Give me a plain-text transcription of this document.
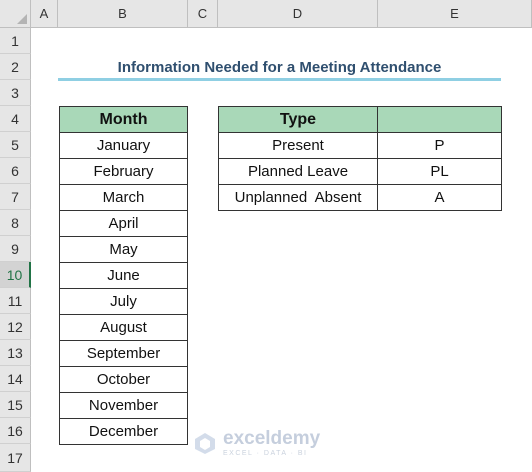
A	B	C	D	E
1
2
3
4
5
6
7
8
9
10
11
12
13
14
15
16
17
Information Needed for a Meeting Attendance
Month
January
February
March
April
May
June
July
August
September
October
November
December
Type	
Present	P
Planned Leave	PL
Unplanned  Absent	A
exceldemy
EXCEL · DATA · BI
